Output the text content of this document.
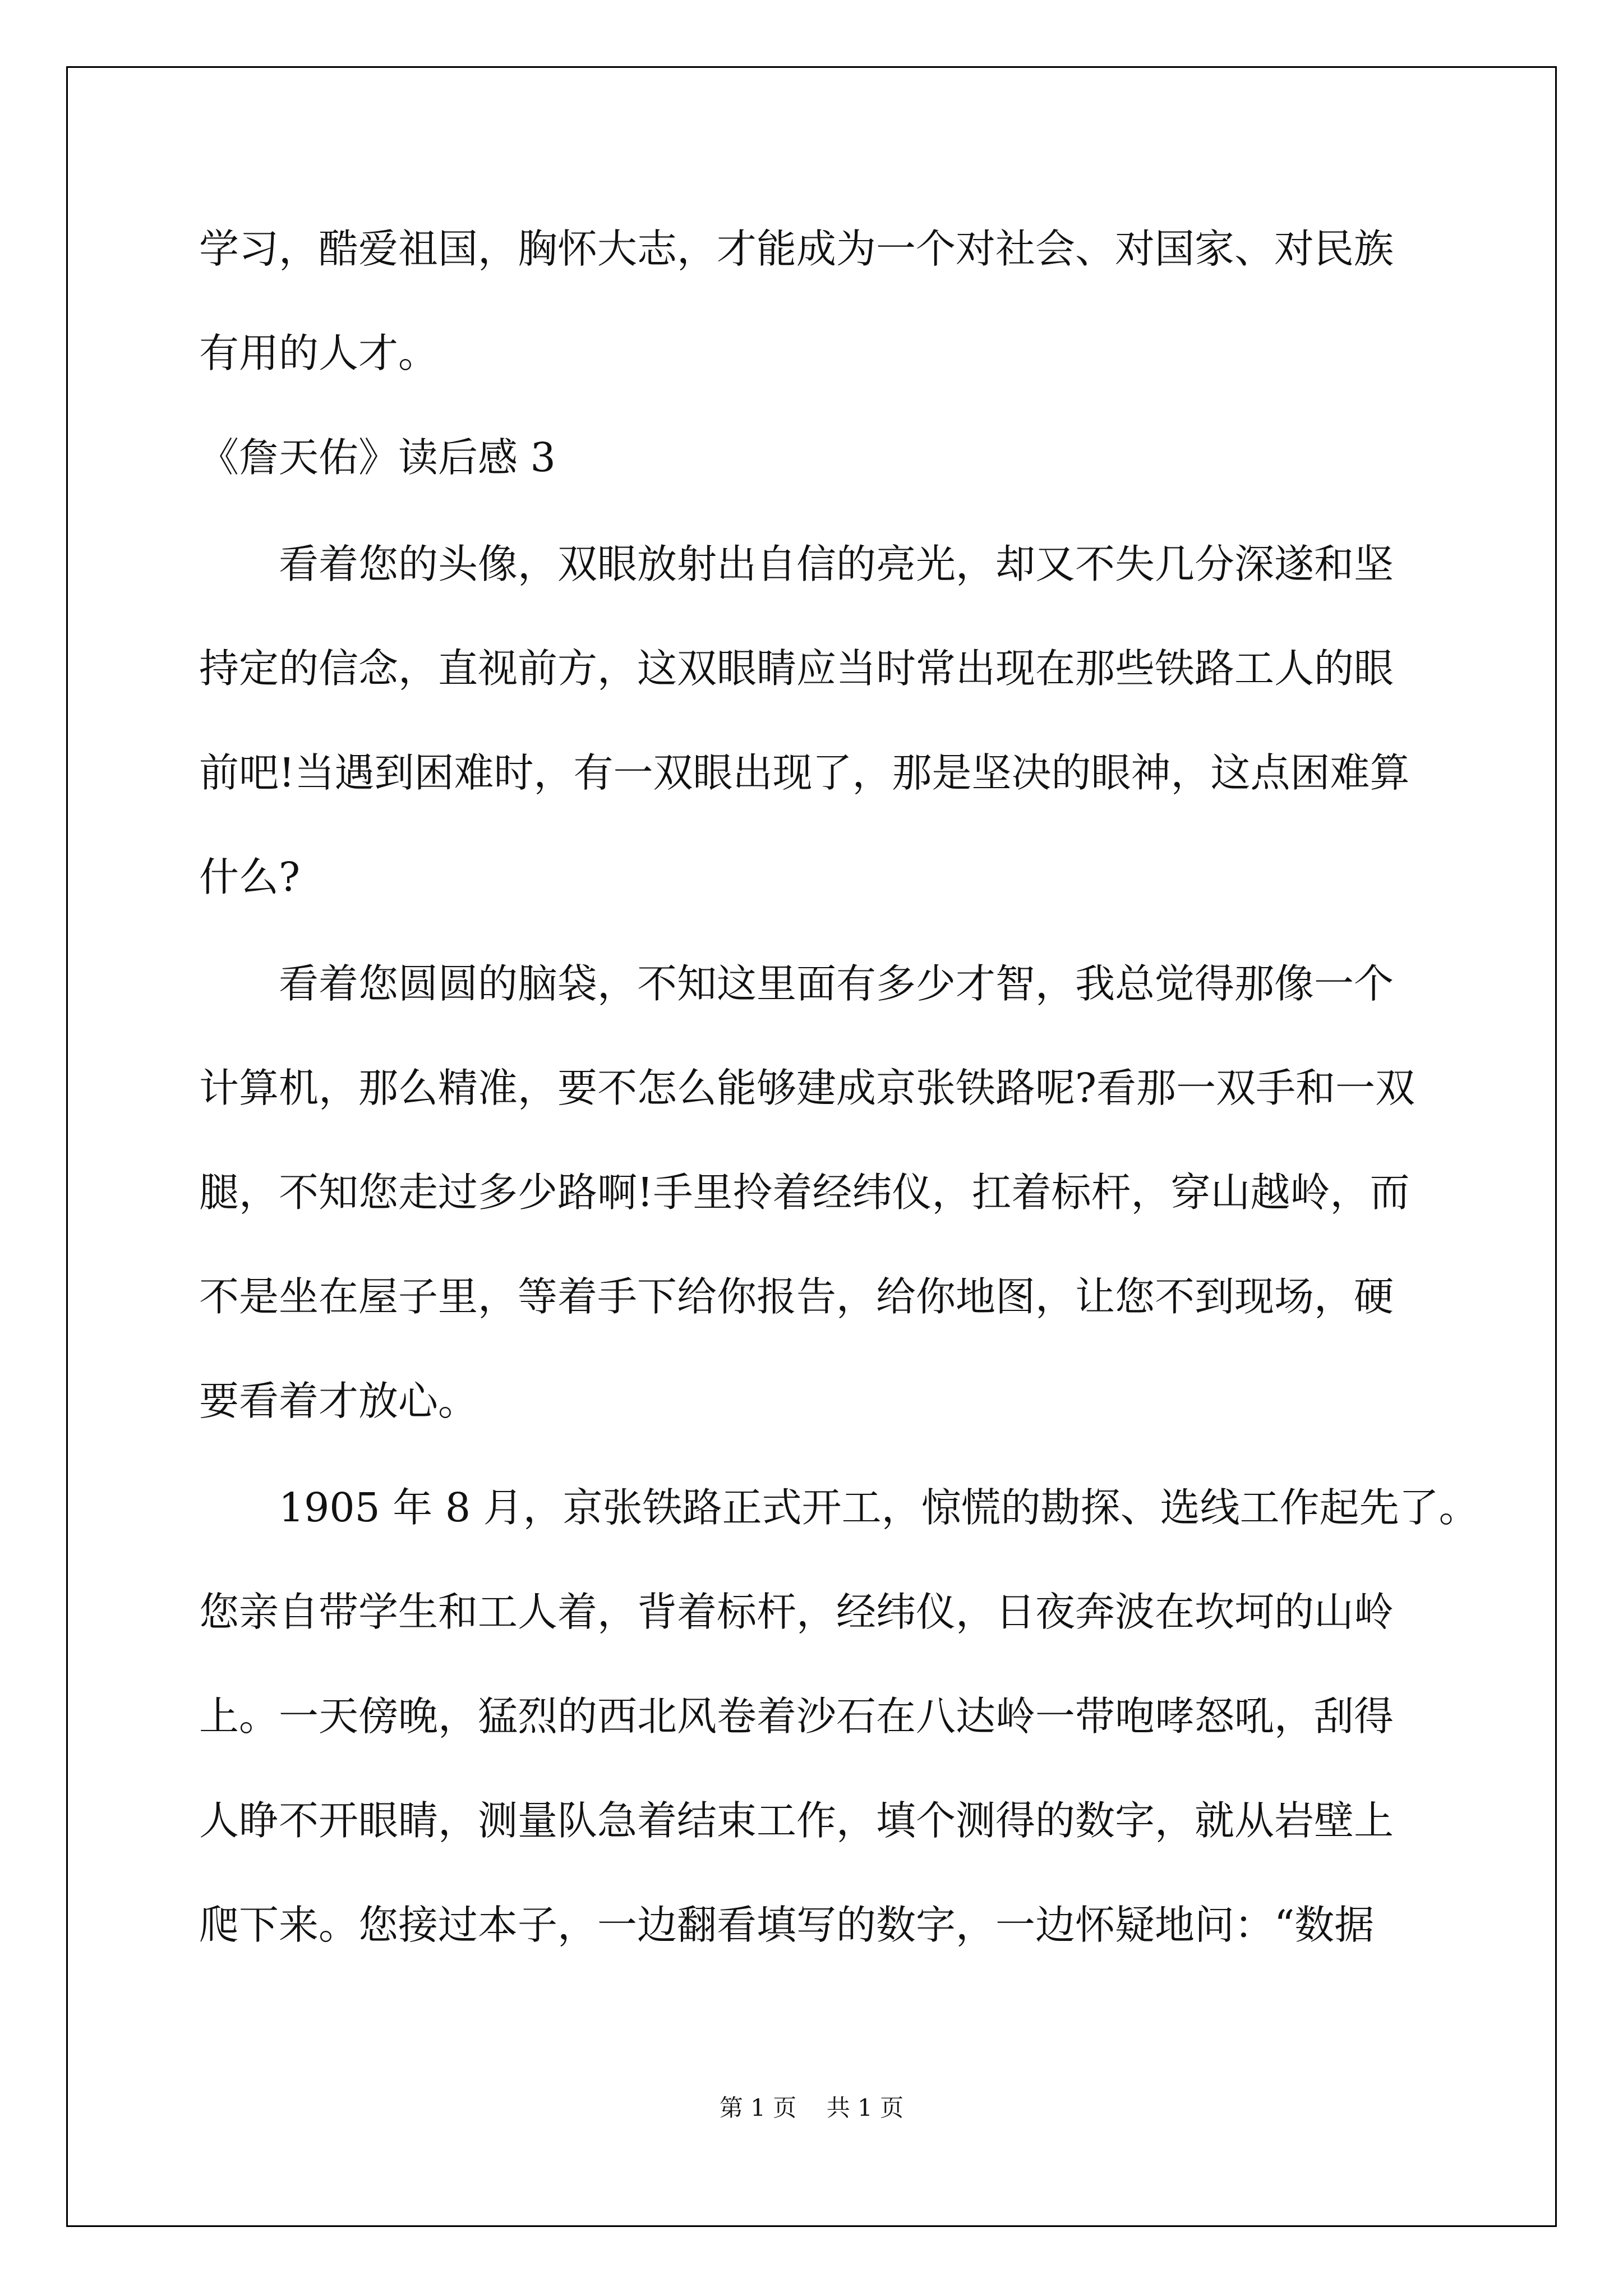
学习，酷爱祖国，胸怀大志，才能成为一个对社会、对国家、对民族

有用的人才。

《詹天佑》读后感 3

看着您的头像，双眼放射出自信的亮光，却又不失几分深遂和坚

持定的信念，直视前方，这双眼睛应当时常出现在那些铁路工人的眼

前吧!当遇到困难时，有一双眼出现了，那是坚决的眼神，这点困难算

什么?

看着您圆圆的脑袋，不知这里面有多少才智，我总觉得那像一个

计算机，那么精准，要不怎么能够建成京张铁路呢?看那一双手和一双

腿，不知您走过多少路啊!手里拎着经纬仪，扛着标杆，穿山越岭，而

不是坐在屋子里，等着手下给你报告，给你地图，让您不到现场，硬

要看着才放心。

1905 年 8 月，京张铁路正式开工，惊慌的勘探、选线工作起先了。

您亲自带学生和工人着，背着标杆，经纬仪，日夜奔波在坎坷的山岭

上。一天傍晚，猛烈的西北风卷着沙石在八达岭一带咆哮怒吼，刮得

人睁不开眼睛，测量队急着结束工作，填个测得的数字，就从岩壁上

爬下来。您接过本子，一边翻看填写的数字，一边怀疑地问：“数据

第 1 页    共 1 页
